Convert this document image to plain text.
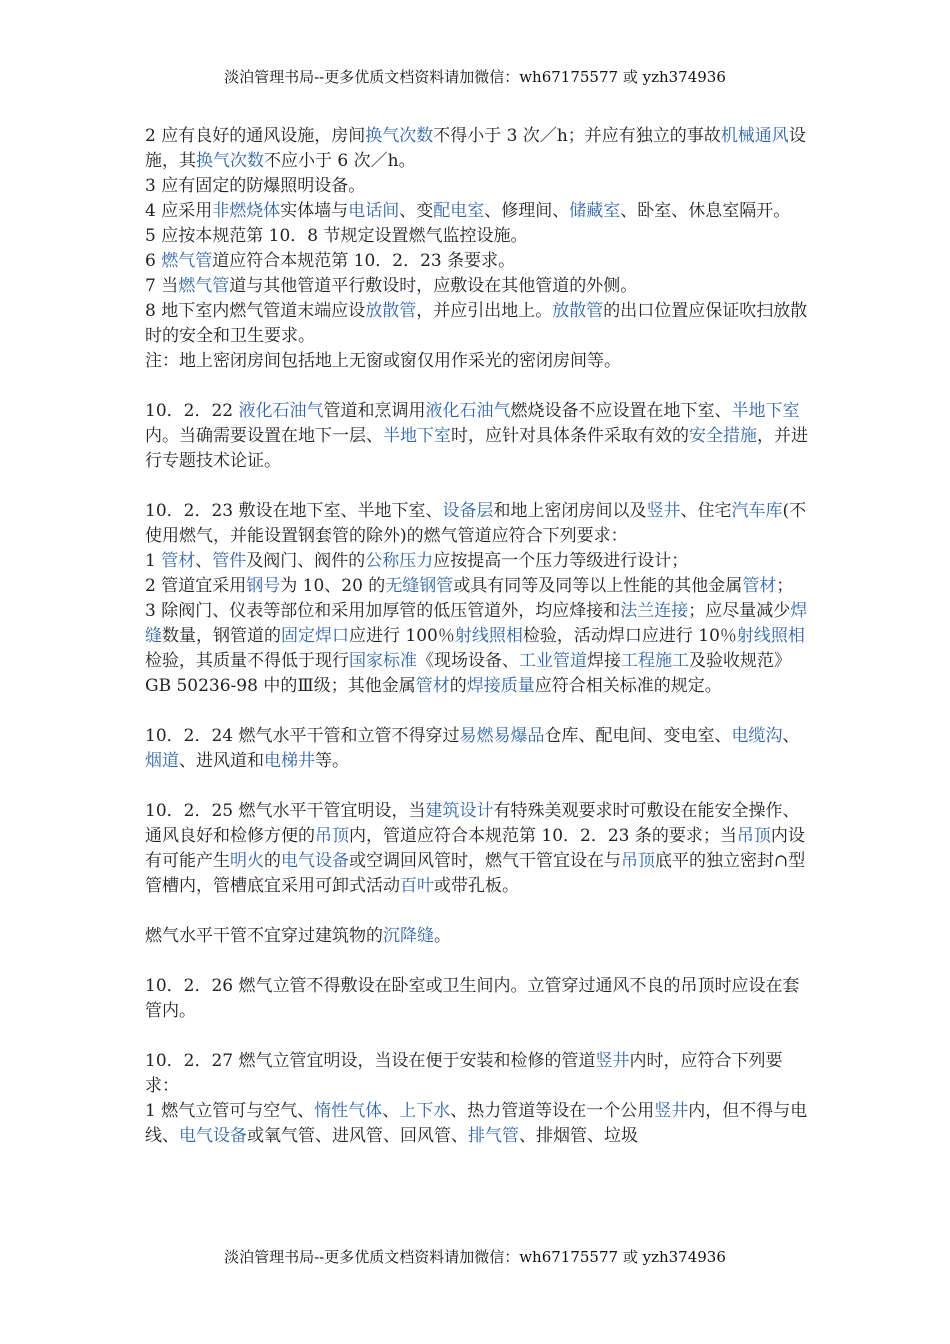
淡泊管理书局--更多优质文档资料请加微信：wh67175577 或 yzh374936

2 应有良好的通风设施，房间换气次数不得小于 3 次／h；并应有独立的事故机械通风设施，其换气次数不应小于 6 次／h。

3 应有固定的防爆照明设备。

4 应采用非燃烧体实体墙与电话间、变配电室、修理间、储藏室、卧室、休息室隔开。

5 应按本规范第 10．8 节规定设置燃气监控设施。

6 燃气管道应符合本规范第 10．2．23 条要求。

7 当燃气管道与其他管道平行敷设时，应敷设在其他管道的外侧。

8 地下室内燃气管道末端应设放散管，并应引出地上。放散管的出口位置应保证吹扫放散时的安全和卫生要求。

注：地上密闭房间包括地上无窗或窗仅用作采光的密闭房间等。

10．2．22 液化石油气管道和烹调用液化石油气燃烧设备不应设置在地下室、半地下室内。当确需要设置在地下一层、半地下室时，应针对具体条件采取有效的安全措施，并进行专题技术论证。

10．2．23 敷设在地下室、半地下室、设备层和地上密闭房间以及竖井、住宅汽车库(不使用燃气，并能设置钢套管的除外)的燃气管道应符合下列要求：

1 管材、管件及阀门、阀件的公称压力应按提高一个压力等级进行设计；

2 管道宜采用钢号为 10、20 的无缝钢管或具有同等及同等以上性能的其他金属管材；

3 除阀门、仪表等部位和采用加厚管的低压管道外，均应烽接和法兰连接；应尽量减少焊缝数量，钢管道的固定焊口应进行 100％射线照相检验，活动焊口应进行 10％射线照相检验，其质量不得低于现行国家标准《现场设备、工业管道焊接工程施工及验收规范》GB 50236-98 中的Ⅲ级；其他金属管材的焊接质量应符合相关标准的规定。

10．2．24 燃气水平干管和立管不得穿过易燃易爆品仓库、配电间、变电室、电缆沟、烟道、进风道和电梯井等。

10．2．25 燃气水平干管宜明设，当建筑设计有特殊美观要求时可敷设在能安全操作、通风良好和检修方便的吊顶内，管道应符合本规范第 10．2．23 条的要求；当吊顶内设有可能产生明火的电气设备或空调回风管时，燃气干管宜设在与吊顶底平的独立密封∩型管槽内，管槽底宜采用可卸式活动百叶或带孔板。

燃气水平干管不宜穿过建筑物的沉降缝。

10．2．26 燃气立管不得敷设在卧室或卫生间内。立管穿过通风不良的吊顶时应设在套管内。

10．2．27 燃气立管宜明设，当设在便于安装和检修的管道竖井内时，应符合下列要求：

1 燃气立管可与空气、惰性气体、上下水、热力管道等设在一个公用竖井内，但不得与电线、电气设备或氧气管、进风管、回风管、排气管、排烟管、垃圾

淡泊管理书局--更多优质文档资料请加微信：wh67175577 或 yzh374936
